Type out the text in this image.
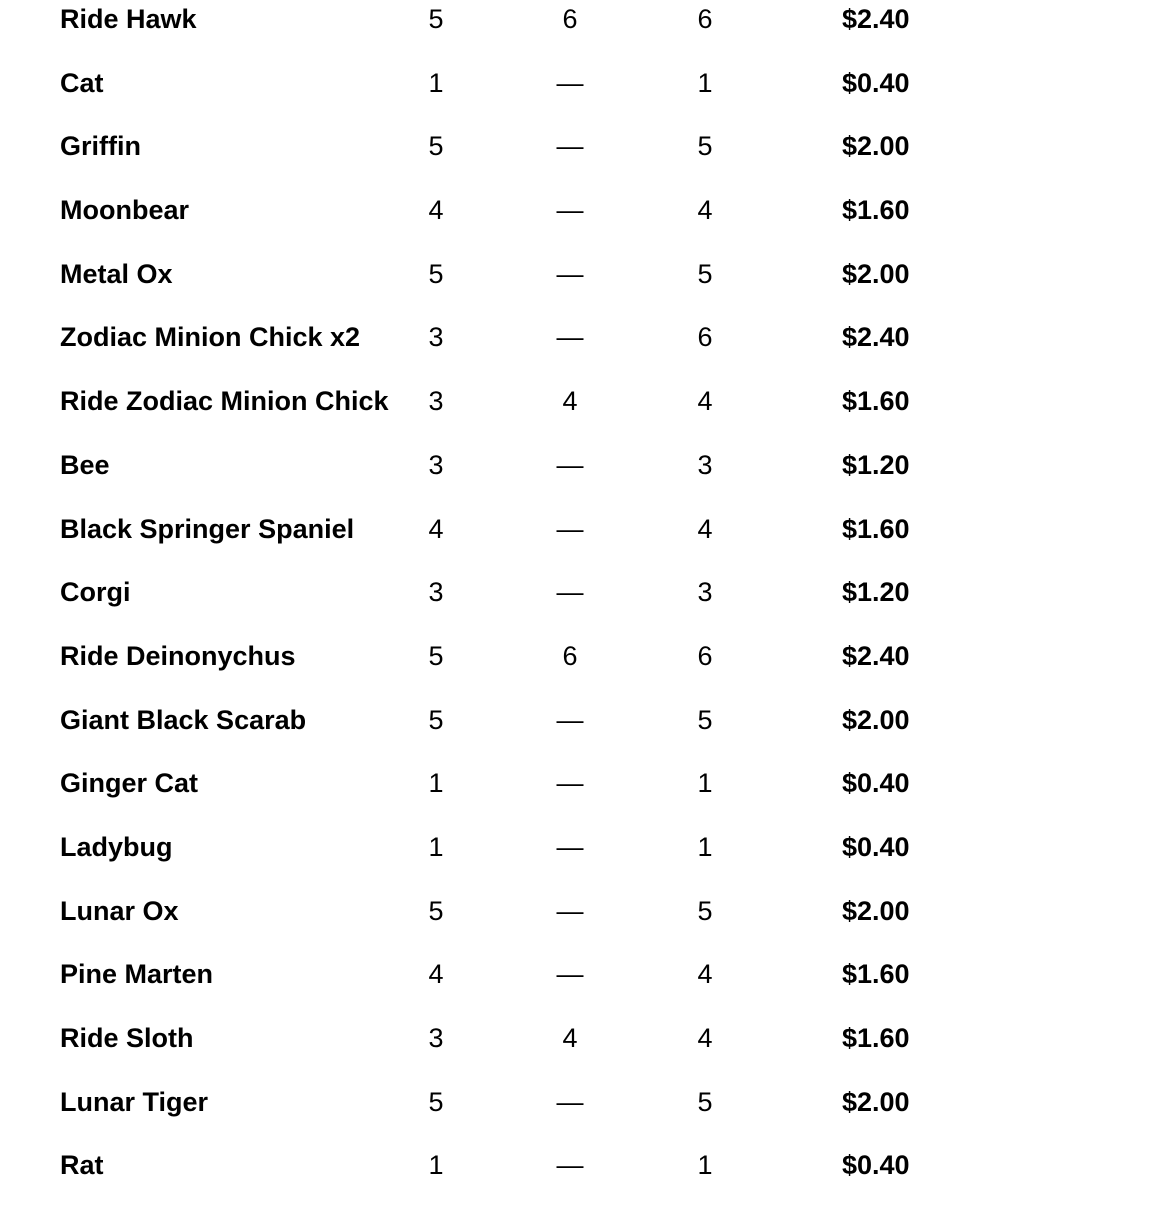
Ride Hawk	5	6	6	$2.40
Cat	1	—	1	$0.40
Griffin	5	—	5	$2.00
Moonbear	4	—	4	$1.60
Metal Ox	5	—	5	$2.00
Zodiac Minion Chick x2	3	—	6	$2.40
Ride Zodiac Minion Chick 3	4	4	$1.60
Bee	3	—	3	$1.20
Black Springer Spaniel	4	—	4	$1.60
Corgi	3	—	3	$1.20
Ride Deinonychus	5	6	6	$2.40
Giant Black Scarab	5	—	5	$2.00
Ginger Cat	1	—	1	$0.40
Ladybug	1	—	1	$0.40
Lunar Ox	5	—	5	$2.00
Pine Marten	4	—	4	$1.60
Ride Sloth	3	4	4	$1.60
Lunar Tiger	5	—	5	$2.00
Rat	1	—	1	$0.40
